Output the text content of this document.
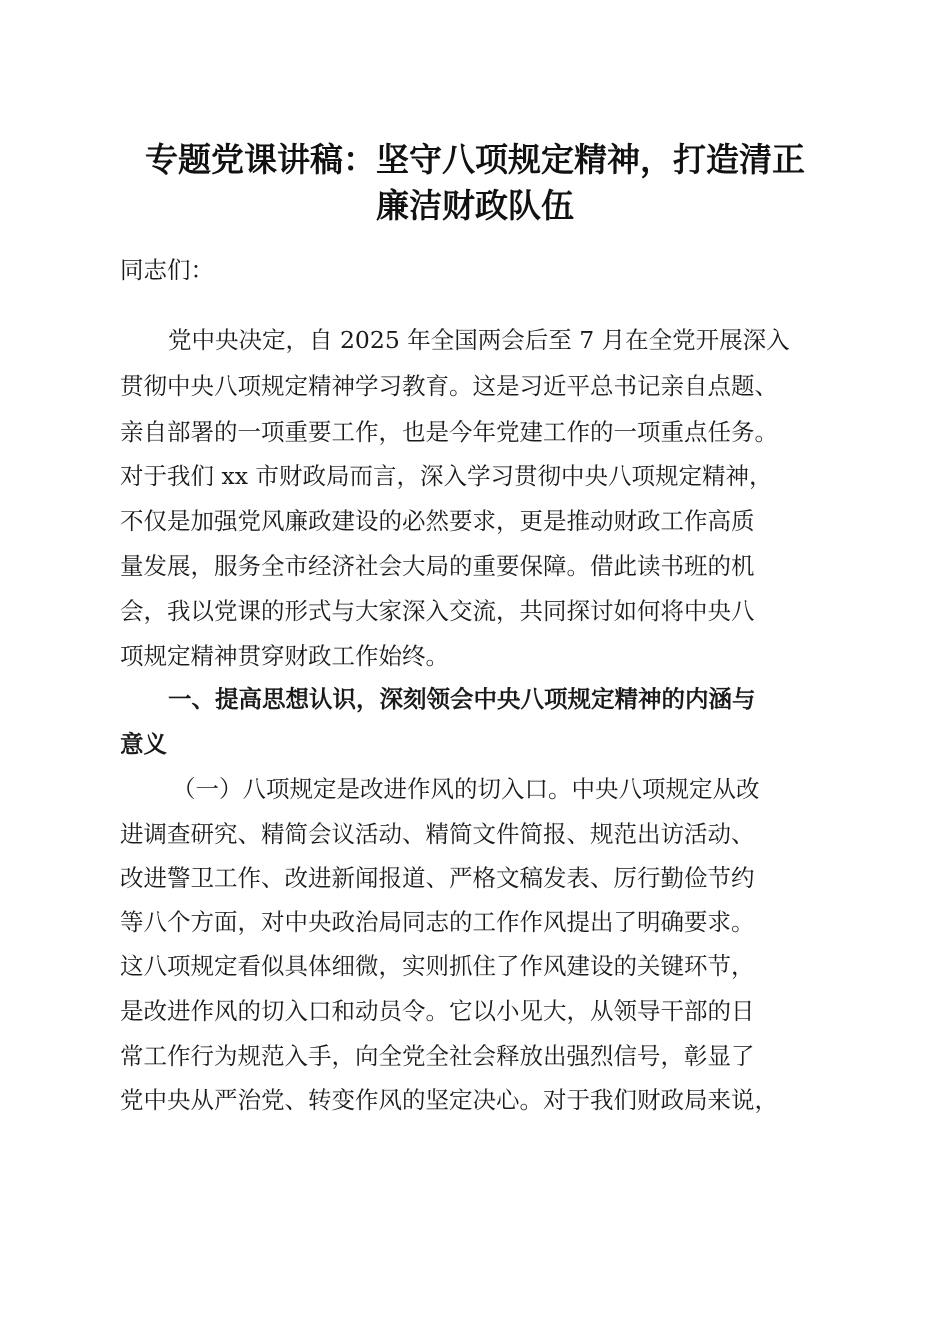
专题党课讲稿：坚守八项规定精神，打造清正
廉洁财政队伍
同志们：
党中央决定，自 2025 年全国两会后至 7 月在全党开展深入
贯彻中央八项规定精神学习教育。这是习近平总书记亲自点题、
亲自部署的一项重要工作，也是今年党建工作的一项重点任务。
对于我们 xx 市财政局而言，深入学习贯彻中央八项规定精神，
不仅是加强党风廉政建设的必然要求，更是推动财政工作高质
量发展，服务全市经济社会大局的重要保障。借此读书班的机
会，我以党课的形式与大家深入交流，共同探讨如何将中央八
项规定精神贯穿财政工作始终。
一、提高思想认识，深刻领会中央八项规定精神的内涵与
意义
（一）八项规定是改进作风的切入口。中央八项规定从改
进调查研究、精简会议活动、精简文件简报、规范出访活动、
改进警卫工作、改进新闻报道、严格文稿发表、厉行勤俭节约
等八个方面，对中央政治局同志的工作作风提出了明确要求。
这八项规定看似具体细微，实则抓住了作风建设的关键环节，
是改进作风的切入口和动员令。它以小见大，从领导干部的日
常工作行为规范入手，向全党全社会释放出强烈信号，彰显了
党中央从严治党、转变作风的坚定决心。对于我们财政局来说，
